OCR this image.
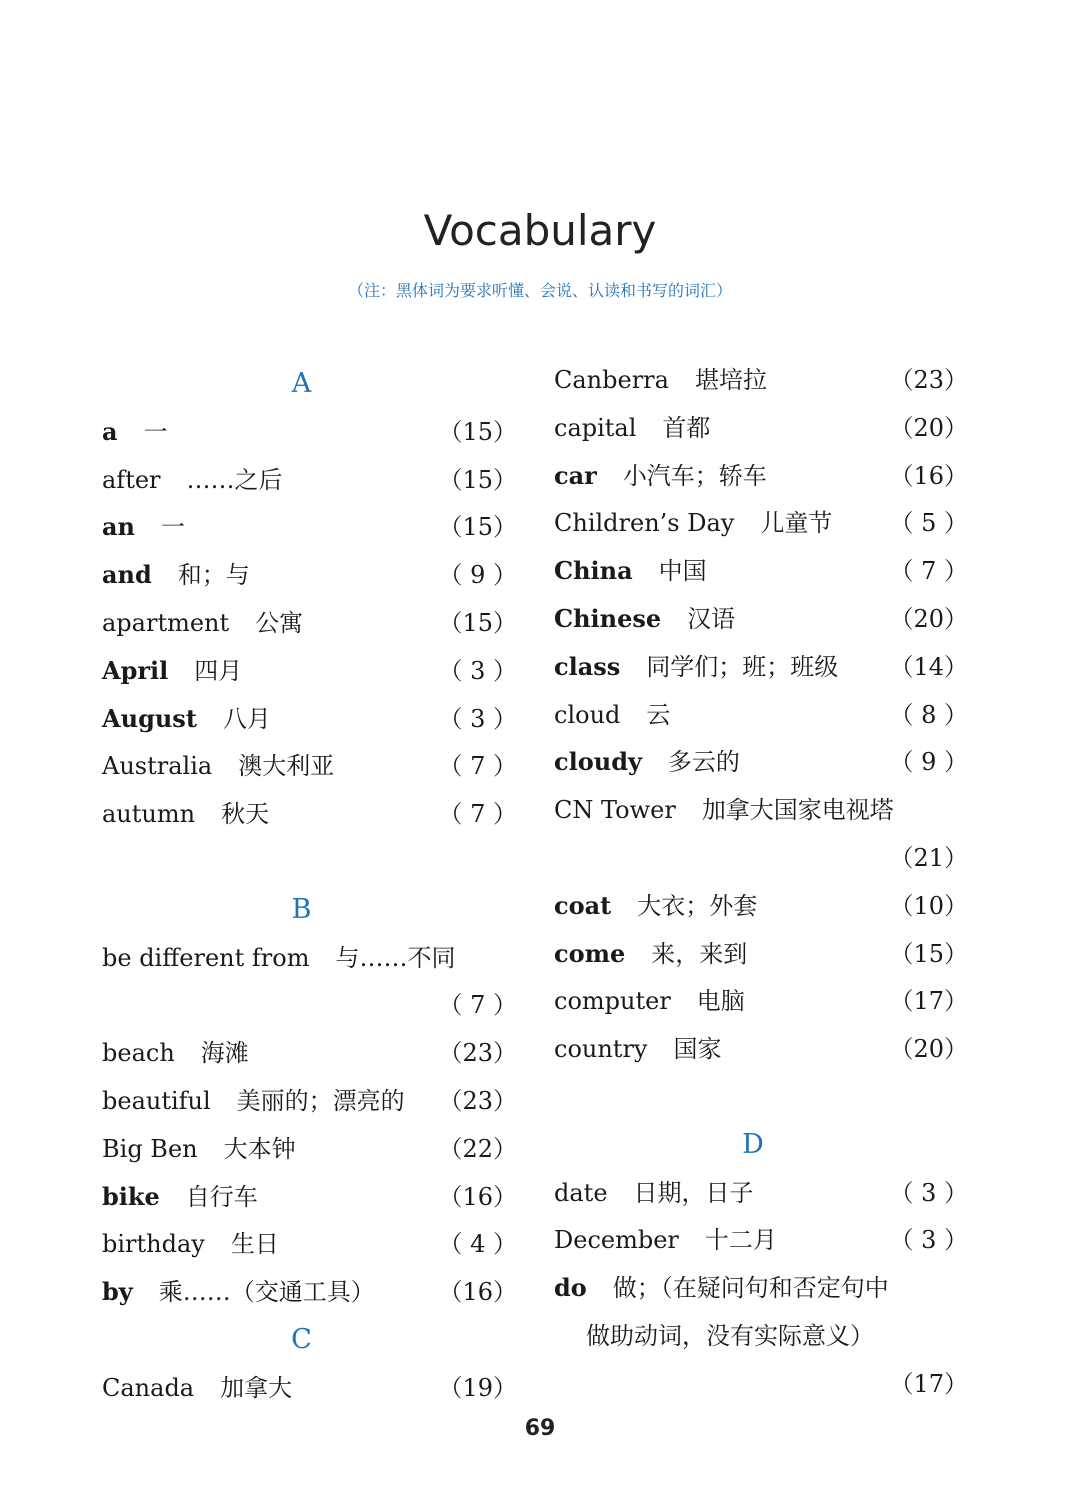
Vocabulary
（注：黑体词为要求听懂、会说、认读和书写的词汇）
A
a 一	（15）
after ……之后	（15）
an 一	（15）
and 和；与	（ 9 ）
apartment 公寓	（15）
April 四月	（ 3 ）
August 八月	（ 3 ）
Australia 澳大利亚	（ 7 ）
autumn 秋天	（ 7 ）
B
be different from 与……不同
（ 7 ）
beach 海滩	（23）
beautiful 美丽的；漂亮的 （23）
Big Ben 大本钟	（22）
bike 自行车	（16）
birthday 生日	（ 4 ）
by 乘……（交通工具）	（16）
C
Canada 加拿大	（19）
Canberra 堪培拉	（23）
capital 首都	（20）
car 小汽车；轿车	（16）
Children’s Day 儿童节 （ 5 ）
China 中国	（ 7 ）
Chinese 汉语	（20）
class 同学们；班；班级 （14）
cloud 云	（ 8 ）
cloudy 多云的	（ 9 ）
CN Tower 加拿大国家电视塔
（21）
coat 大衣；外套	（10）
come 来，来到	（15）
computer 电脑	（17）
country 国家	（20）
D
date 日期，日子	（ 3 ）
December 十二月	（ 3 ）
do 做；（在疑问句和否定句中
做助动词，没有实际意义）
（17）
69
